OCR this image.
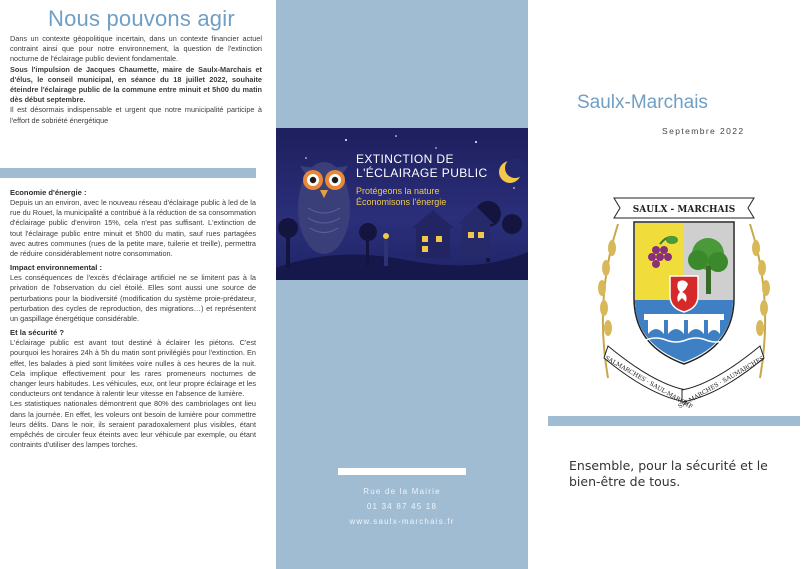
Nous pouvons agir

Dans un contexte géopolitique incertain, dans un contexte financier actuel contraint ainsi que pour notre environnement, la question de l'extinction nocturne de l'éclairage public devient fondamentale.

Sous l'impulsion de Jacques Chaumette, maire de Saulx-Marchais et d'élus, le conseil municipal, en séance du 18 juillet 2022, souhaite éteindre l'éclairage public de la commune entre minuit et 5h00 du matin dès début septembre.

Il est désormais indispensable et urgent que notre municipalité participe à l'effort de sobriété énergétique

Economie d'énergie :

Depuis un an environ, avec le nouveau réseau d'éclairage public à led de la rue du Rouet, la municipalité a contribué à la réduction de sa consommation d'éclairage public d'environ 15%, cela n'est pas suffisant. L'extinction de tout l'éclairage public entre minuit et 5h00 du matin, sauf rues partagées avec autres communes (rues de la petite mare, tuilerie et treille), permettra de réduire considérablement notre consommation.

Impact environnemental :

Les conséquences de l'excès d'éclairage artificiel ne se limitent pas à la privation de l'observation du ciel étoilé. Elles sont aussi une source de perturbations pour la biodiversité (modification du système proie-prédateur, perturbation des cycles de reproduction, des migrations…) et représentent un gaspillage énergétique considérable.

Et la sécurité ?

L'éclairage public est avant tout destiné à éclairer les piétons. C'est pourquoi les horaires 24h à 5h du matin sont privilégiés pour l'extinction. En effet, les balades à pied sont limitées voire nulles à ces heures de la nuit. Cela implique effectivement pour les rares promeneurs nocturnes de changer leurs habitudes. Les véhicules, eux, ont leur propre éclairage et les conducteurs ont tendance à ralentir leur vitesse en l'absence de lumière.

Les statistiques nationales démontrent que 80% des cambriolages ont lieu dans la journée. En effet, les voleurs ont besoin de lumière pour commettre leurs délits. Dans le noir, ils seraient paradoxalement plus visibles, étant empêchés de circuler feux éteints avec leur véhicule par exemple, ou étant contraints d'utiliser des lampes torches.

EXTINCTION DE
L'ÉCLAIRAGE PUBLIC
Protégeons la nature
Économisons l'énergie
Rue de la Mairie
01 34 87 45 18
www.saulx-marchais.fr
Saulx-Marchais
Septembre 2022
SAULX - MARCHAIS
SALMARCHES · SAUL-MARCHE
SALMARCHES · SAUMARCHES
Ensemble, pour la sécurité et le bien-être de tous.
